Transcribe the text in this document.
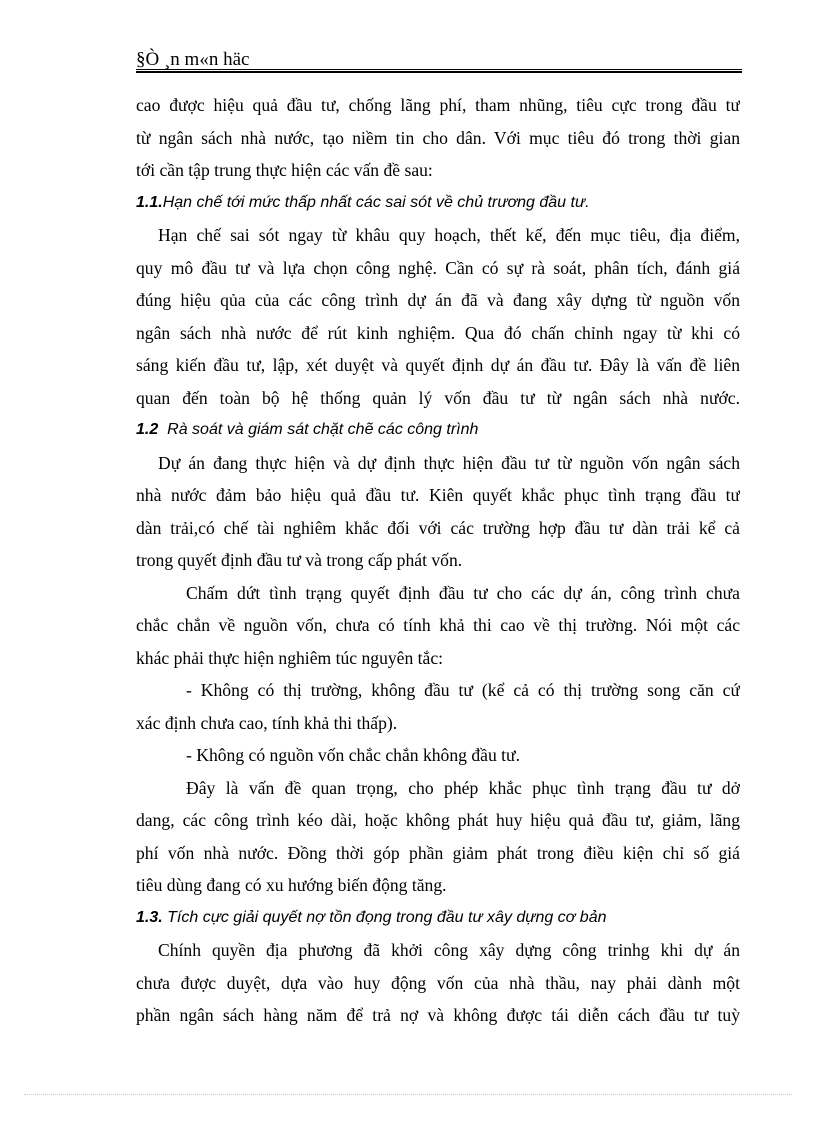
§Ò ¸n m«n häc
cao được hiệu quả đầu tư, chống lãng phí, tham nhũng, tiêu cực trong đầu tư
từ ngân sách nhà nước, tạo niềm tin cho dân. Với mục tiêu đó trong thời gian
tới cần tập trung thực hiện các vấn đề sau:
1.1.Hạn chế tới mức thấp nhất các sai sót về chủ trương đầu tư.
Hạn chế sai sót ngay từ khâu quy hoạch, thết kế, đến mục tiêu, địa điểm,
quy mô đầu tư và lựa chọn công nghệ. Cần có sự rà soát, phân tích, đánh giá
đúng hiệu qủa của các công trình dự án đã và đang xây dựng từ nguồn vốn
ngân sách nhà nước để rút kinh nghiệm. Qua đó chấn chỉnh ngay từ khi có
sáng kiến đầu tư, lập, xét duyệt và quyết định dự án đầu tư. Đây là vấn đề liên
quan đến toàn bộ hệ thống quản lý vốn đầu tư từ ngân sách nhà nước.
1.2 Rà soát và giám sát chặt chẽ các công trình
Dự án đang thực hiện và dự định thực hiện đầu tư từ nguồn vốn ngân sách
nhà nước đảm bảo hiệu quả đầu tư. Kiên quyết khắc phục tình trạng đầu tư
dàn trải,có chế tài nghiêm khắc đối với các trường hợp đầu tư dàn trải kể cả
trong quyết định đầu tư và trong cấp phát vốn.
Chấm dứt tình trạng quyết định đầu tư cho các dự án, công trình chưa
chắc chắn về nguồn vốn, chưa có tính khả thi cao về thị trường. Nói một các
khác phải thực hiện nghiêm túc nguyên tắc:
- Không có thị trường, không đầu tư (kể cả có thị trường song căn cứ
xác định chưa cao, tính khả thi thấp).
- Không có nguồn vốn chắc chắn không đầu tư.
Đây là vấn đề quan trọng, cho phép khắc phục tình trạng đầu tư dở
dang, các công trình kéo dài, hoặc không phát huy hiệu quả đầu tư, giảm, lãng
phí vốn nhà nước. Đồng thời góp phần giảm phát trong điều kiện chỉ số giá
tiêu dùng đang có xu hướng biến động tăng.
1.3. Tích cực giải quyết nợ tồn đọng trong đầu tư xây dựng cơ bản
Chính quyền địa phương đã khởi công xây dựng công trinhg khi dự án
chưa được duyệt, dựa vào huy động vốn của nhà thầu, nay phải dành một
phần ngân sách hàng năm để trả nợ và không được tái diễn cách đầu tư tuỳ
